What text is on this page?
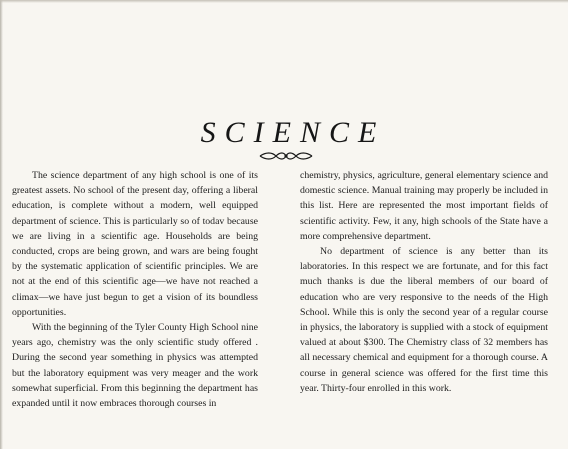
SCIENCE

The science department of any high school is one of its greatest assets. No school of the present day, offering a liberal education, is complete without a modern, well equipped department of science. This is particularly so of todav because we are living in a scientific age. Households are being conducted, crops are being grown, and wars are being fought by the systematic application of scientific principles. We are not at the end of this scientific age—we have not reached a climax—we have just begun to get a vision of its boundless opportunities.

With the beginning of the Tyler County High School nine years ago, chemistry was the only scientific study offered . During the second year something in physics was attempted but the laboratory equipment was very meager and the work somewhat superficial. From this beginning the department has expanded until it now embraces thorough courses in

chemistry, physics, agriculture, general elementary science and domestic science. Manual training may properly be included in this list. Here are represented the most important fields of scientific activity. Few, it any, high schools of the State have a more comprehensive department.

No department of science is any better than its laboratories. In this respect we are fortunate, and for this fact much thanks is due the liberal members of our board of education who are very responsive to the needs of the High School. While this is only the second year of a regular course in physics, the laboratory is supplied with a stock of equipment valued at about $300. The Chemistry class of 32 members has all necessary chemical and equipment for a thorough course. A course in general science was offered for the first time this year. Thirty-four enrolled in this work.
